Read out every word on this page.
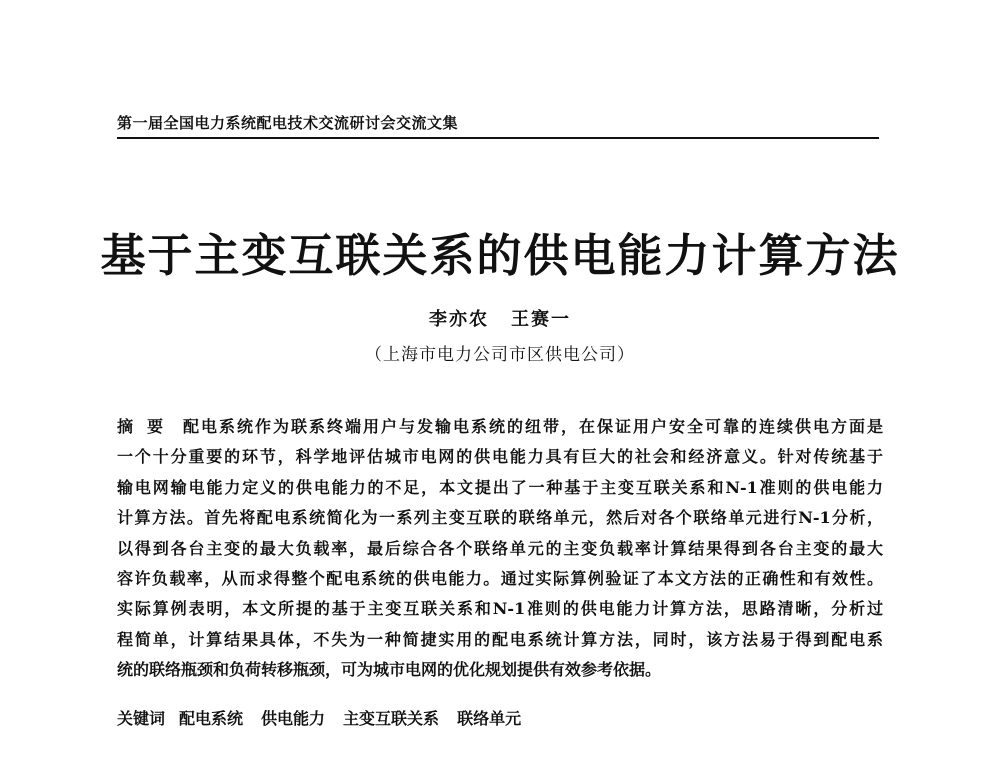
第一届全国电力系统配电技术交流研讨会交流文集
基于主变互联关系的供电能力计算方法
李亦农 王赛一
（上海市电力公司市区供电公司）

摘要 配电系统作为联系终端用户与发输电系统的纽带，在保证用户安全可靠的连续供电方面是
一个十分重要的环节，科学地评估城市电网的供电能力具有巨大的社会和经济意义。针对传统基于
输电网输电能力定义的供电能力的不足，本文提出了一种基于主变互联关系和N-1准则的供电能力
计算方法。首先将配电系统简化为一系列主变互联的联络单元，然后对各个联络单元进行N-1分析，
以得到各台主变的最大负载率，最后综合各个联络单元的主变负载率计算结果得到各台主变的最大
容许负载率，从而求得整个配电系统的供电能力。通过实际算例验证了本文方法的正确性和有效性。
实际算例表明，本文所提的基于主变互联关系和N-1准则的供电能力计算方法，思路清晰，分析过
程简单，计算结果具体，不失为一种简捷实用的配电系统计算方法，同时，该方法易于得到配电系
统的联络瓶颈和负荷转移瓶颈，可为城市电网的优化规划提供有效参考依据。

关键词 配电系统 供电能力 主变互联关系 联络单元
